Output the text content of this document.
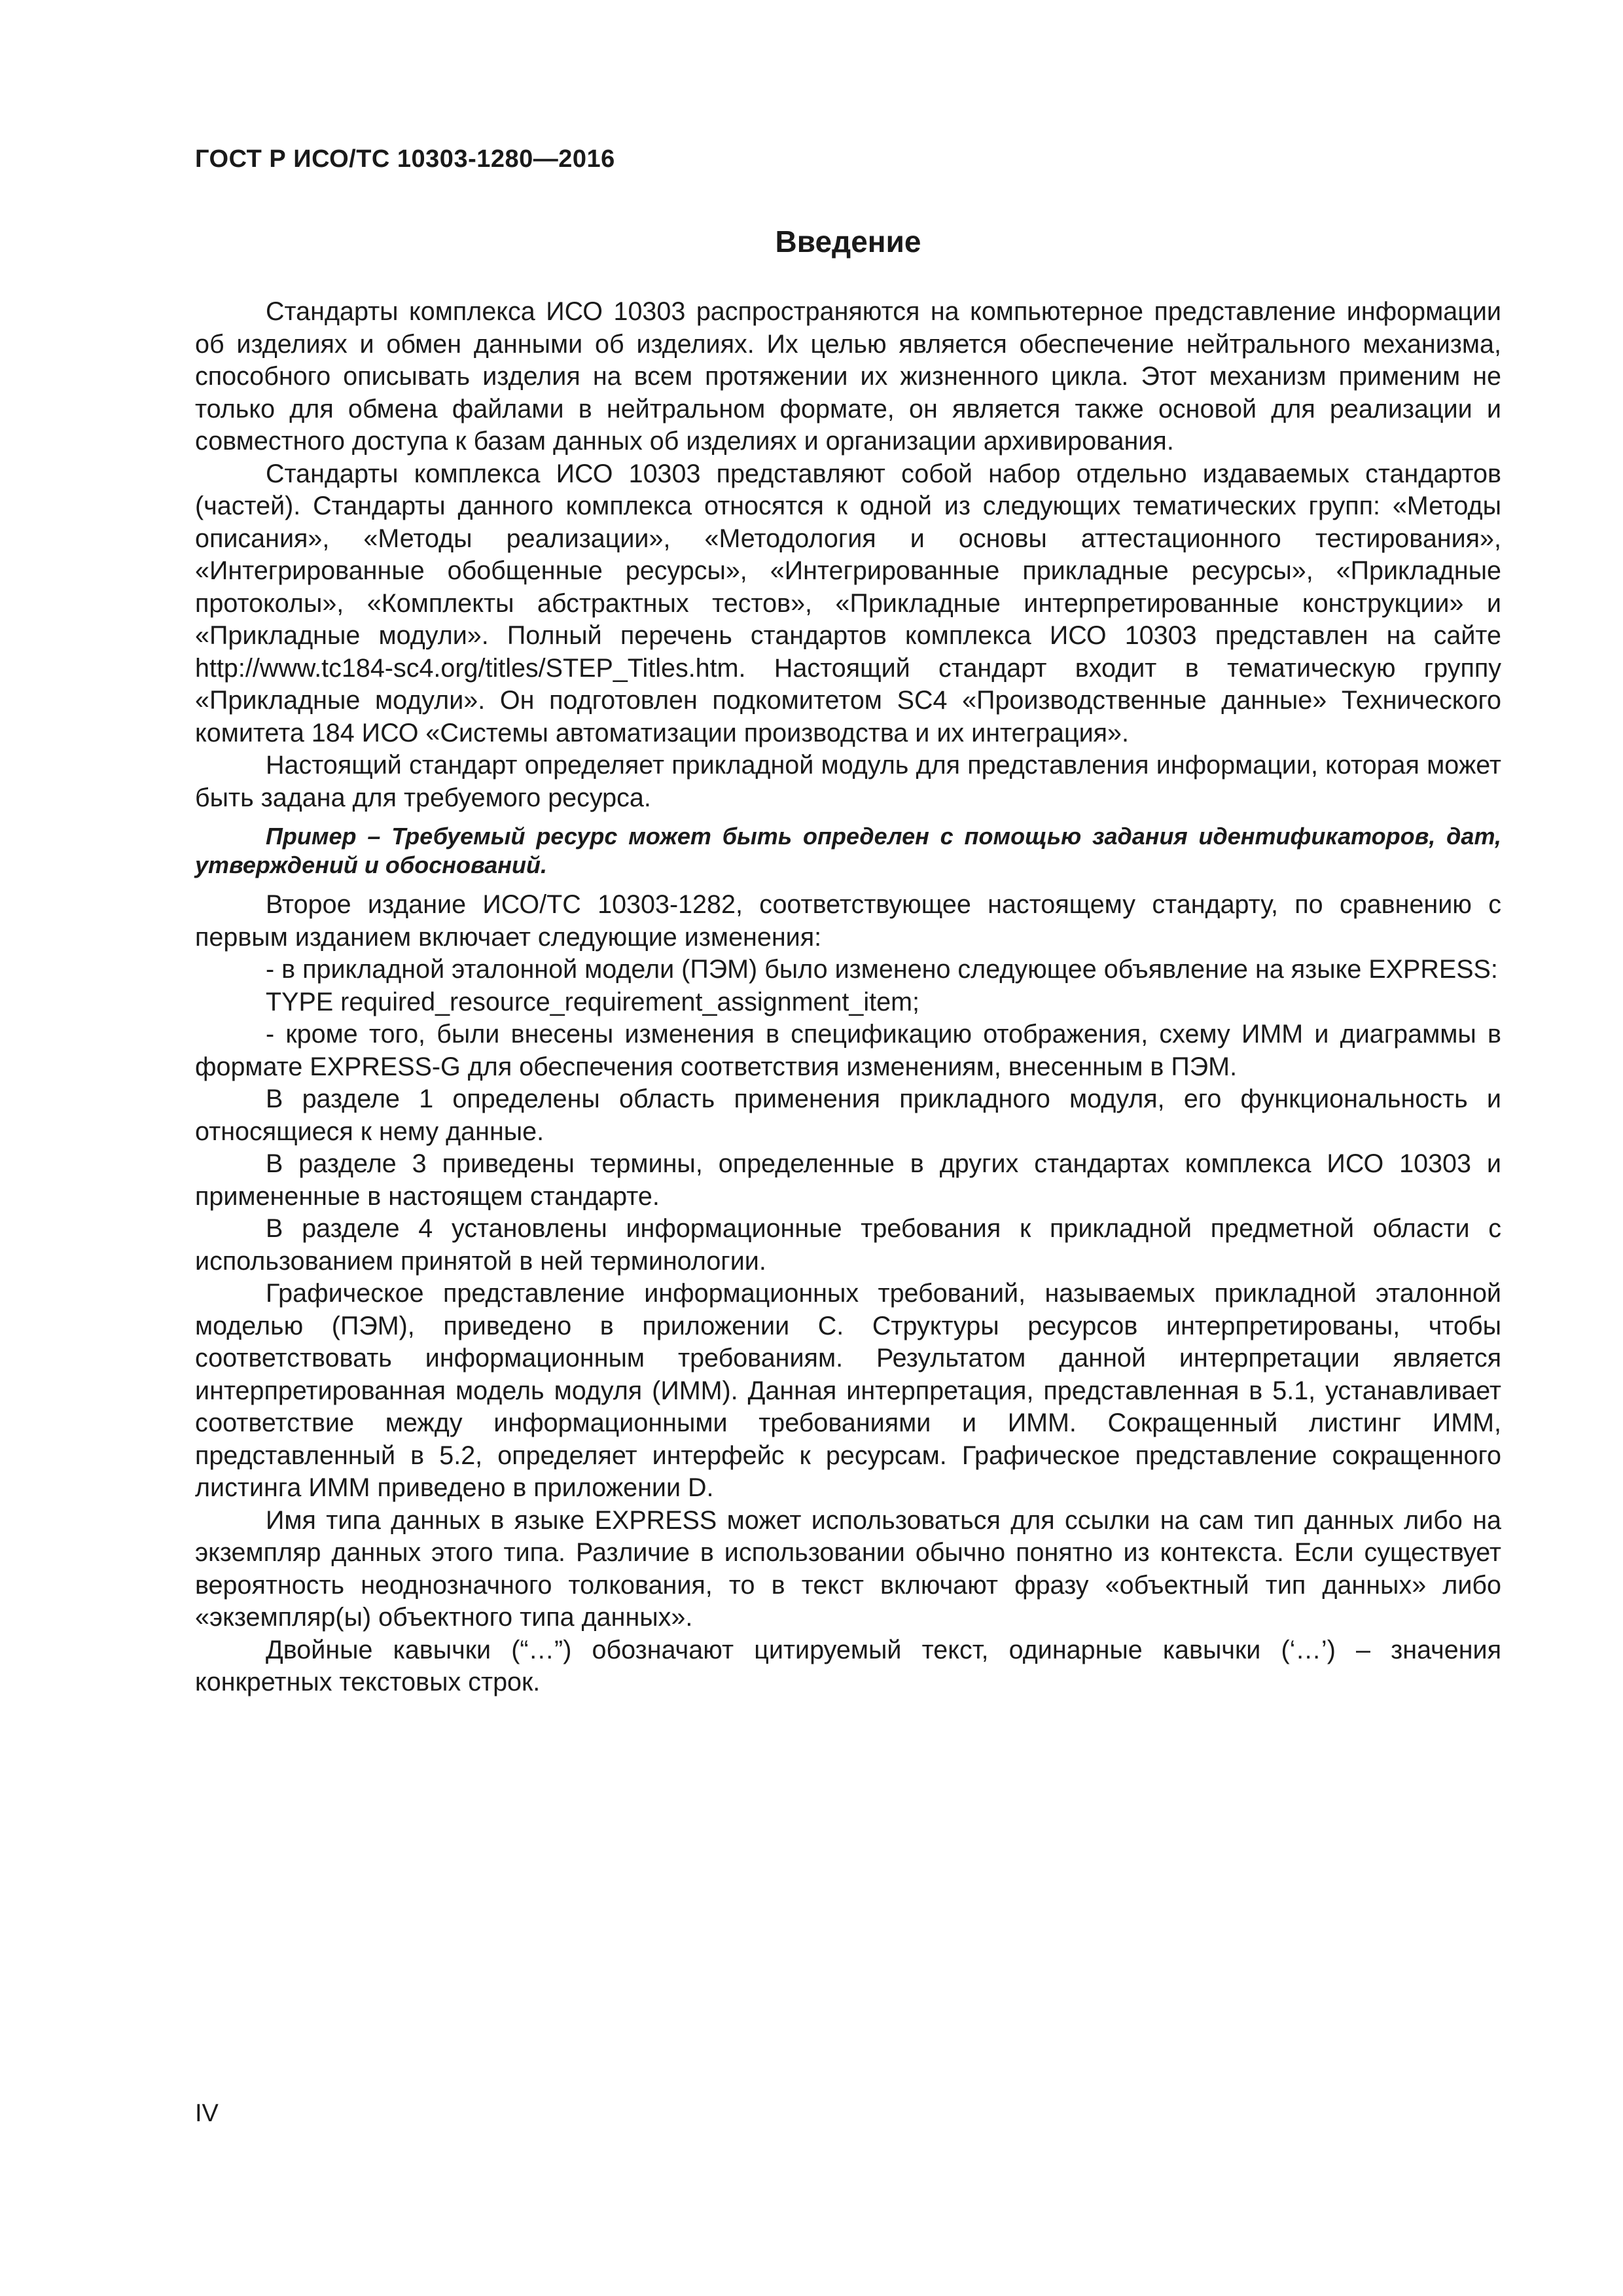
ГОСТ Р ИСО/ТС 10303-1280—2016
Введение

Стандарты комплекса ИСО 10303 распространяются на компьютерное представление информации об изделиях и обмен данными об изделиях. Их целью является обеспечение нейтрального механизма, способного описывать изделия на всем протяжении их жизненного цикла. Этот механизм применим не только для обмена файлами в нейтральном формате, он является также основой для реализации и совместного доступа к базам данных об изделиях и организации архивирования.

Стандарты комплекса ИСО 10303 представляют собой набор отдельно издаваемых стандартов (частей). Стандарты данного комплекса относятся к одной из следующих тематических групп: «Методы описания», «Методы реализации», «Методология и основы аттестационного тестирования», «Интегрированные обобщенные ресурсы», «Интегрированные прикладные ресурсы», «Прикладные протоколы», «Комплекты абстрактных тестов», «Прикладные интерпретированные конструкции» и «Прикладные модули». Полный перечень стандартов комплекса ИСО 10303 представлен на сайте http://www.tc184-sc4.org/titles/STEP_Titles.htm. Настоящий стандарт входит в тематическую группу «Прикладные модули». Он подготовлен подкомитетом SC4 «Производственные данные» Технического комитета 184 ИСО «Системы автоматизации производства и их интеграция».

Настоящий стандарт определяет прикладной модуль для представления информации, которая может быть задана для требуемого ресурса.

Пример – Требуемый ресурс может быть определен с помощью задания идентификаторов, дат, утверждений и обоснований.

Второе издание ИСО/ТС 10303-1282, соответствующее настоящему стандарту, по сравнению с первым изданием включает следующие изменения:

- в прикладной эталонной модели (ПЭМ) было изменено следующее объявление на языке EXPRESS:

TYPE required_resource_requirement_assignment_item;

- кроме того, были внесены изменения в спецификацию отображения, схему ИММ и диаграммы в формате EXPRESS-G для обеспечения соответствия изменениям, внесенным в ПЭМ.

В разделе 1 определены область применения прикладного модуля, его функциональность и относящиеся к нему данные.

В разделе 3 приведены термины, определенные в других стандартах комплекса ИСО 10303 и примененные в настоящем стандарте.

В разделе 4 установлены информационные требования к прикладной предметной области с использованием принятой в ней терминологии.

Графическое представление информационных требований, называемых прикладной эталонной моделью (ПЭМ), приведено в приложении С. Структуры ресурсов интерпретированы, чтобы соответствовать информационным требованиям. Результатом данной интерпретации является интерпретированная модель модуля (ИММ). Данная интерпретация, представленная в 5.1, устанавливает соответствие между информационными требованиями и ИММ. Сокращенный листинг ИММ, представленный в 5.2, определяет интерфейс к ресурсам. Графическое представление сокращенного листинга ИММ приведено в приложении D.

Имя типа данных в языке EXPRESS может использоваться для ссылки на сам тип данных либо на экземпляр данных этого типа. Различие в использовании обычно понятно из контекста. Если существует вероятность неоднозначного толкования, то в текст включают фразу «объектный тип данных» либо «экземпляр(ы) объектного типа данных».

Двойные кавычки (“…”) обозначают цитируемый текст, одинарные кавычки (‘…’) – значения конкретных текстовых строк.

IV
